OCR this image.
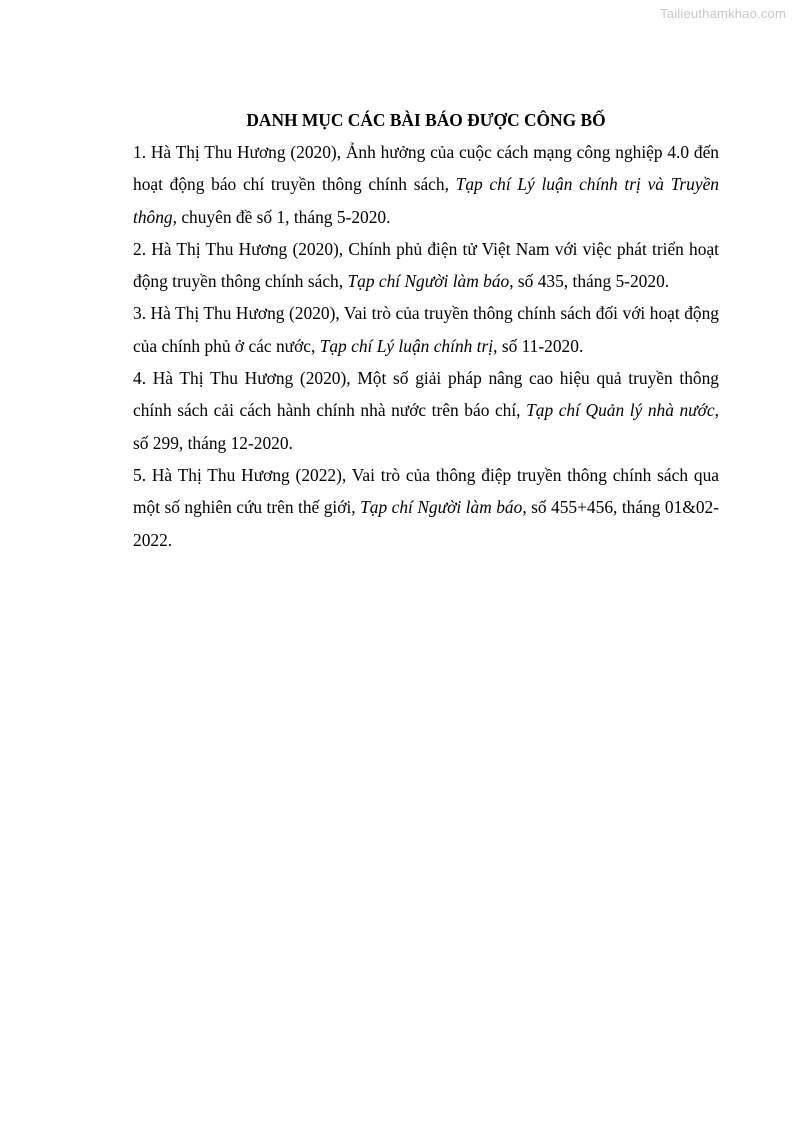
Tailieuthamkhao.com
DANH MỤC CÁC BÀI BÁO ĐƯỢC CÔNG BỐ

1. Hà Thị Thu Hương (2020), Ảnh hưởng của cuộc cách mạng công nghiệp 4.0 đến hoạt động báo chí truyền thông chính sách, Tạp chí Lý luận chính trị và Truyền thông, chuyên đề số 1, tháng 5-2020.

2. Hà Thị Thu Hương (2020), Chính phủ điện tử Việt Nam với việc phát triển hoạt động truyền thông chính sách, Tạp chí Người làm báo, số 435, tháng 5-2020.

3. Hà Thị Thu Hương (2020), Vai trò của truyền thông chính sách đối với hoạt động của chính phủ ở các nước, Tạp chí Lý luận chính trị, số 11-2020.

4. Hà Thị Thu Hương (2020), Một số giải pháp nâng cao hiệu quả truyền thông chính sách cải cách hành chính nhà nước trên báo chí, Tạp chí Quản lý nhà nước, số 299, tháng 12-2020.

5. Hà Thị Thu Hương (2022), Vai trò của thông điệp truyền thông chính sách qua một số nghiên cứu trên thế giới, Tạp chí Người làm báo, số 455+456, tháng 01&02-2022.
